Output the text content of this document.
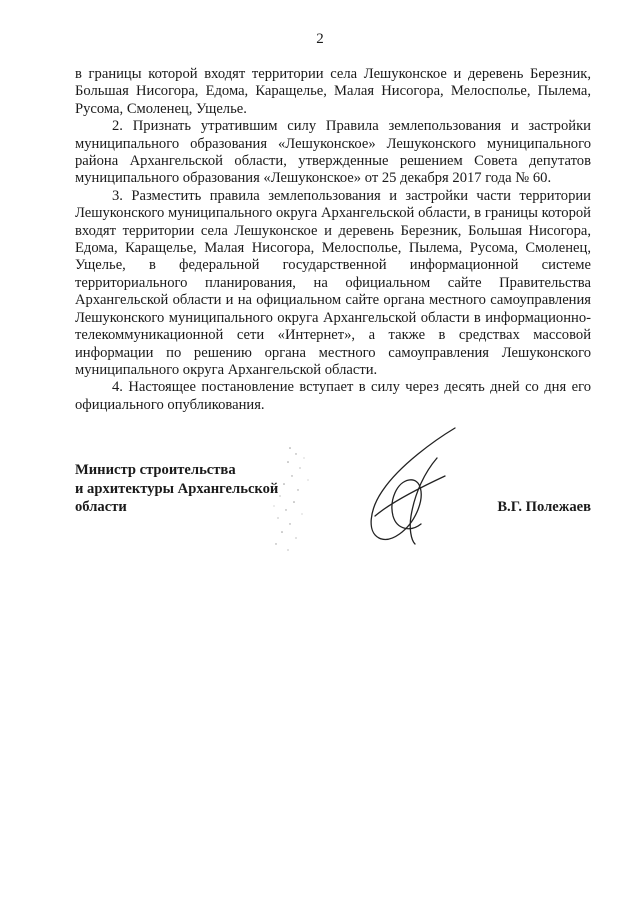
2

в границы которой входят территории села Лешуконское и деревень Березник, Большая Нисогора, Едома, Каращелье, Малая Нисогора, Мелосполье, Пылема, Русома, Смоленец, Ущелье.

2. Признать утратившим силу Правила землепользования и застройки муниципального образования «Лешуконское» Лешуконского муниципального района Архангельской области, утвержденные решением Совета депутатов муниципального образования «Лешуконское» от 25 декабря 2017 года № 60.

3. Разместить правила землепользования и застройки части территории Лешуконского муниципального округа Архангельской области, в границы которой входят территории села Лешуконское и деревень Березник, Большая Нисогора, Едома, Каращелье, Малая Нисогора, Мелосполье, Пылема, Русома, Смоленец, Ущелье, в федеральной государственной информационной системе территориального планирования, на официальном сайте Правительства Архангельской области и на официальном сайте органа местного самоуправления Лешуконского муниципального округа Архангельской области в информационно-телекоммуникационной сети «Интернет», а также в средствах массовой информации по решению органа местного самоуправления Лешуконского муниципального округа Архангельской области.

4. Настоящее постановление вступает в силу через десять дней со дня его официального опубликования.

Министр строительства
и архитектуры Архангельской
области	В.Г. Полежаев
